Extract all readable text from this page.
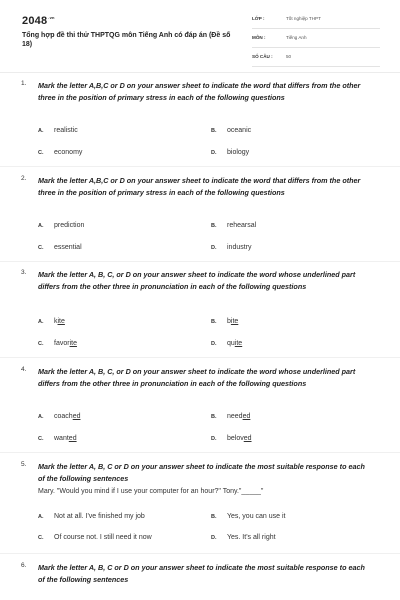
$2048^{.vn}$
Tổng hợp đề thi thử THPTQG môn Tiếng Anh có đáp án (Đề số 18)
LỚP :	Tốt nghiệp THPT
MÔN :	Tiếng Anh
SỐ CÂU :	50
1. Mark the letter A,B,C or D on your answer sheet to indicate the word that differs from the other three in the position of primary stress in each of the following questions
A. realistic	B. oceanic
C. economy	D. biology
2. Mark the letter A,B,C or D on your answer sheet to indicate the word that differs from the other three in the position of primary stress in each of the following questions
A. prediction	B. rehearsal
C. essential	D. industry
3. Mark the letter A, B, C, or D on your answer sheet to indicate the word whose underlined part differs from the other three in pronunciation in each of the following questions
A. kite	B. bite
C. favorite	D. quite
4. Mark the letter A, B, C, or D on your answer sheet to indicate the word whose underlined part differs from the other three in pronunciation in each of the following questions
A. coached	B. needed
C. wanted	D. beloved
5. Mark the letter A, B, C or D on your answer sheet to indicate the most suitable response to each of the following sentences
Mary. "Would you mind if I use your computer for an hour?" Tony."_____"
A. Not at all. I've finished my job	B. Yes, you can use it
C. Of course not. I still need it now	D. Yes. It's all right
6. Mark the letter A, B, C or D on your answer sheet to indicate the most suitable response to each of the following sentences
